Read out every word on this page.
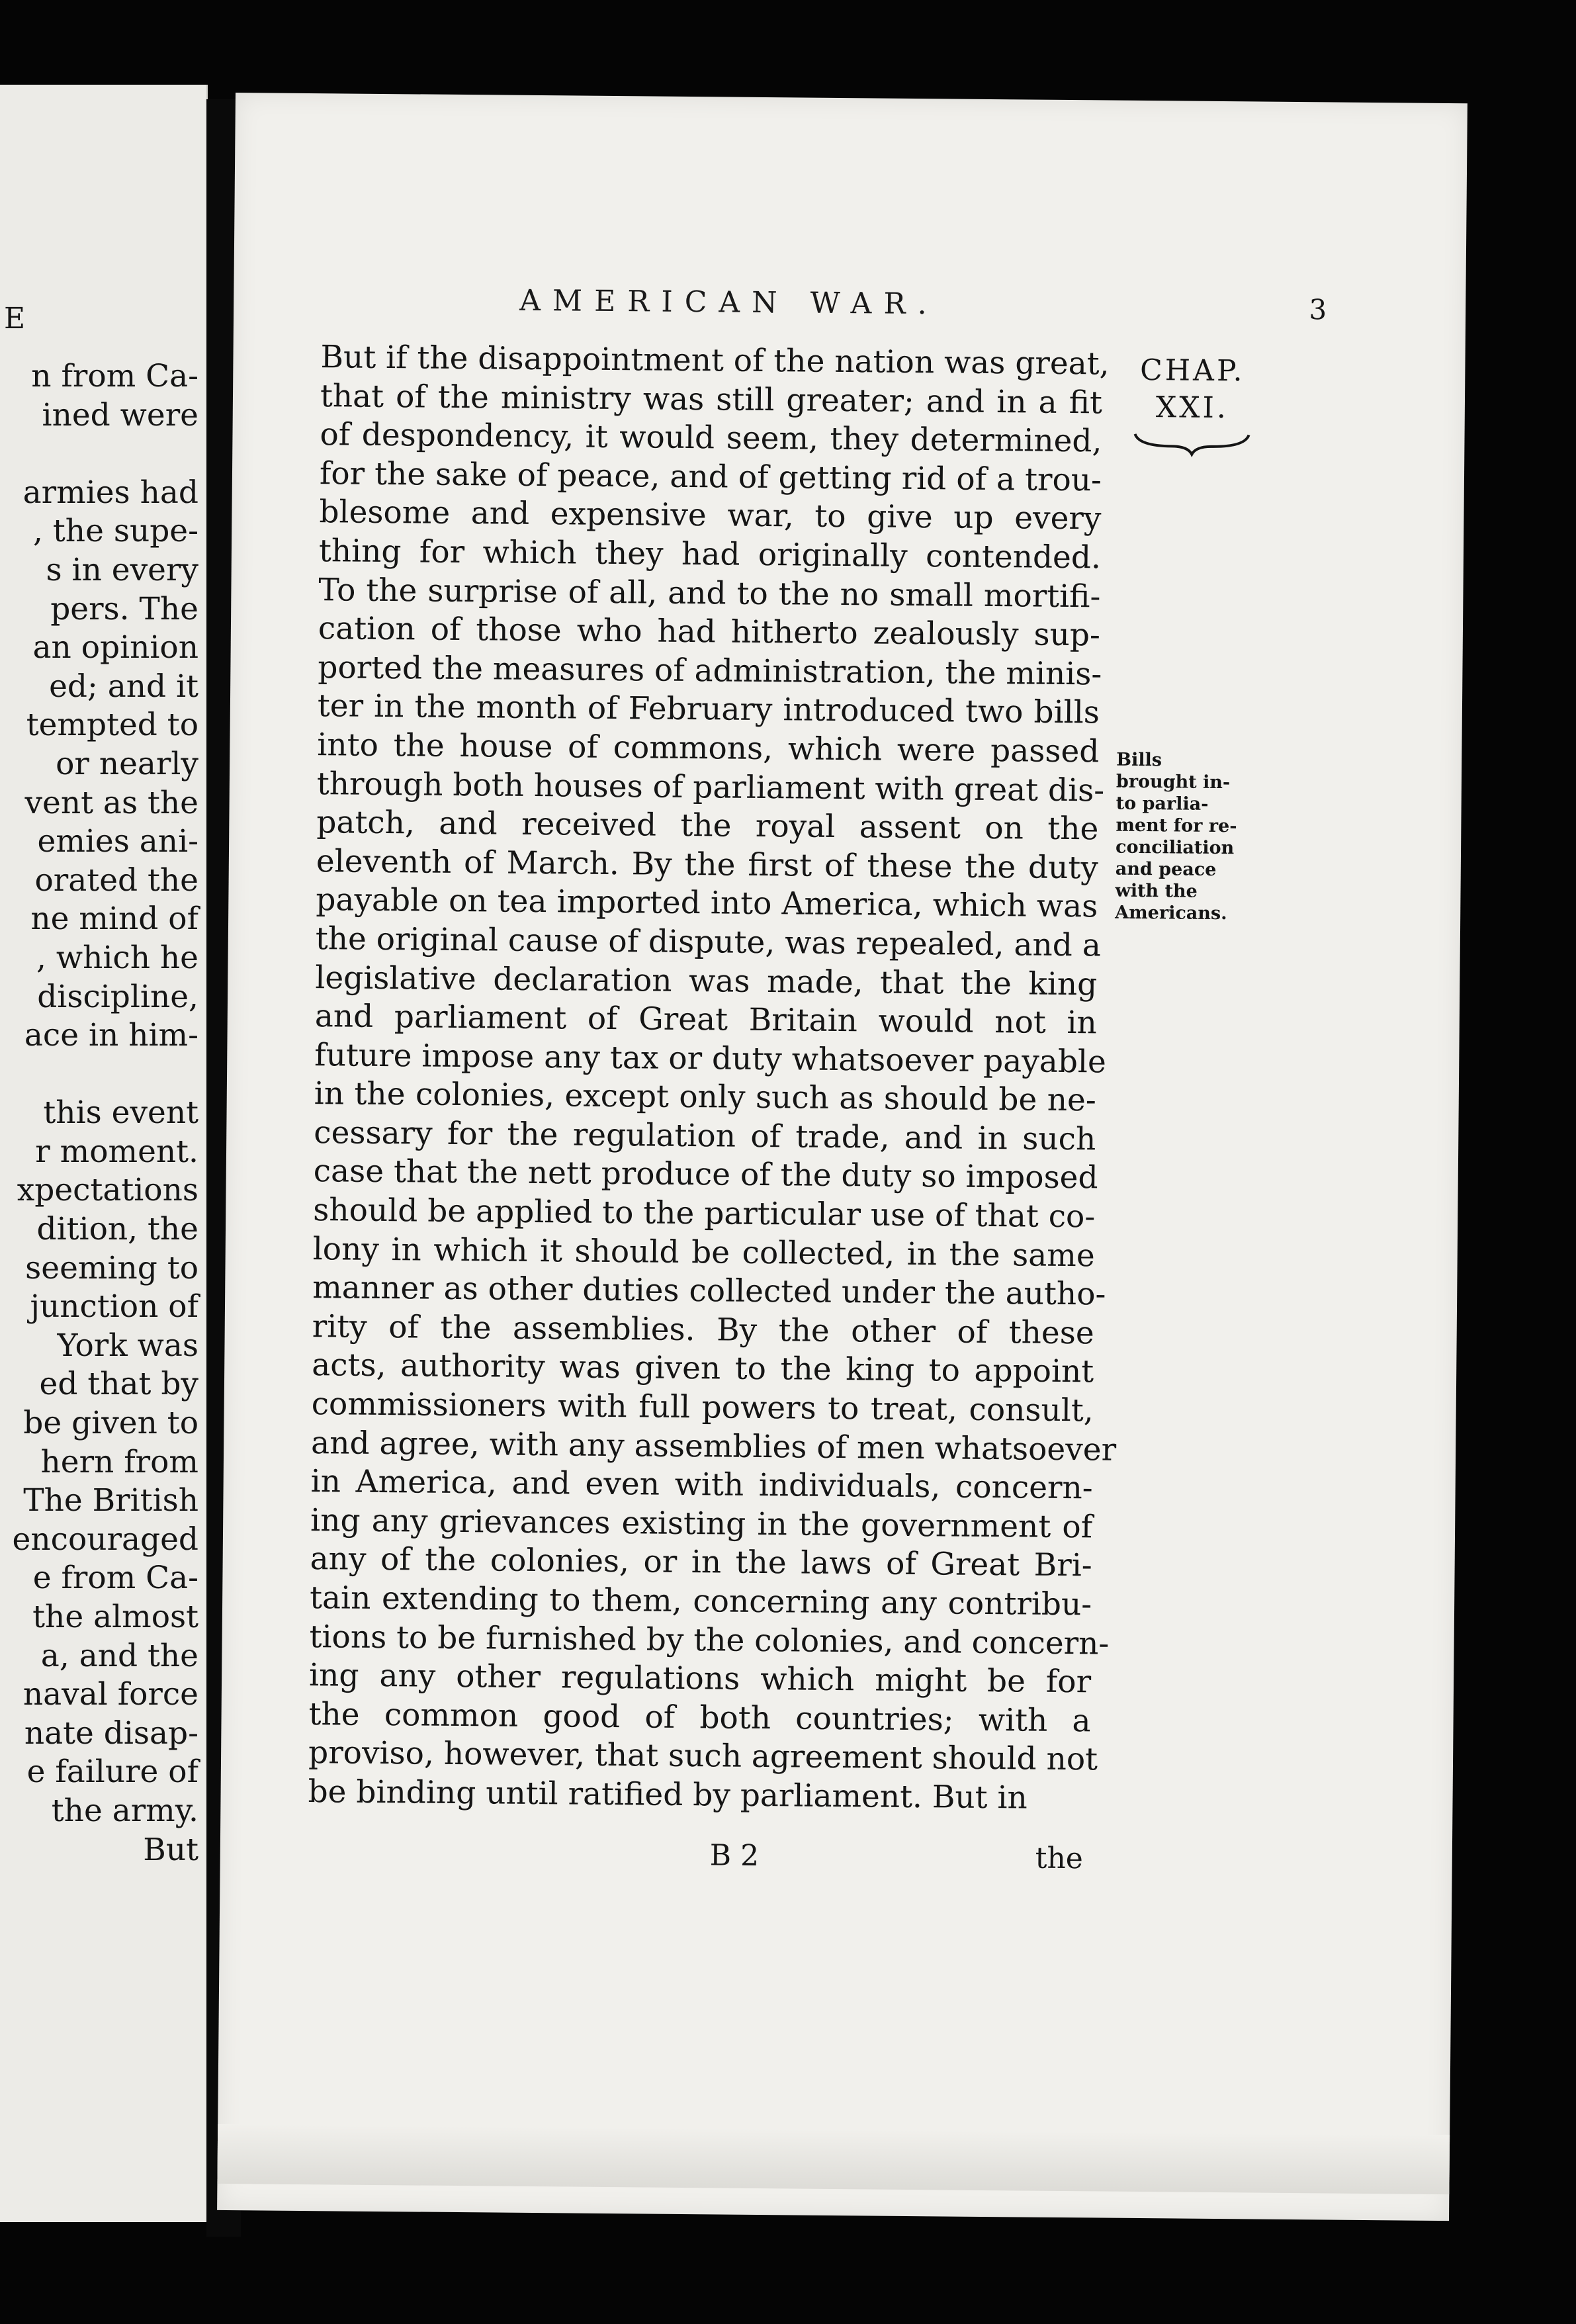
E
n from Ca-
ined were
armies had
, the supe-
s in every
pers. The
an opinion
ed; and it
tempted to
or nearly
vent as the
emies ani-
orated the
ne mind of
, which he
discipline,
ace in him-
this event
r moment.
xpectations
dition, the
seeming to
junction of
York was
ed that by
be given to
hern from
The British
encouraged
e from Ca-
the almost
a, and the
naval force
nate disap-
e failure of
the army.
But
AMERICAN WAR.	3
CHAP.
XXI.
But if the disappointment of the nation was great,
that of the ministry was still greater; and in a fit
of despondency, it would seem, they determined,
for the sake of peace, and of getting rid of a trou-
blesome and expensive war, to give up every
thing for which they had originally contended.
To the surprise of all, and to the no small mortifi-
cation of those who had hitherto zealously sup-
ported the measures of administration, the minis-
ter in the month of February introduced two bills
into the house of commons, which were passed
through both houses of parliament with great dis-
patch, and received the royal assent on the
eleventh of March. By the first of these the duty
payable on tea imported into America, which was
the original cause of dispute, was repealed, and a
legislative declaration was made, that the king
and parliament of Great Britain would not in
future impose any tax or duty whatsoever payable
in the colonies, except only such as should be ne-
cessary for the regulation of trade, and in such
case that the nett produce of the duty so imposed
should be applied to the particular use of that co-
lony in which it should be collected, in the same
manner as other duties collected under the autho-
rity of the assemblies. By the other of these
acts, authority was given to the king to appoint
commissioners with full powers to treat, consult,
and agree, with any assemblies of men whatsoever
in America, and even with individuals, concern-
ing any grievances existing in the government of
any of the colonies, or in the laws of Great Bri-
tain extending to them, concerning any contribu-
tions to be furnished by the colonies, and concern-
ing any other regulations which might be for
the common good of both countries; with a
proviso, however, that such agreement should not
be binding until ratified by parliament. But in
Bills
brought in-
to parlia-
ment for re-
conciliation
and peace
with the
Americans.
B 2	the
